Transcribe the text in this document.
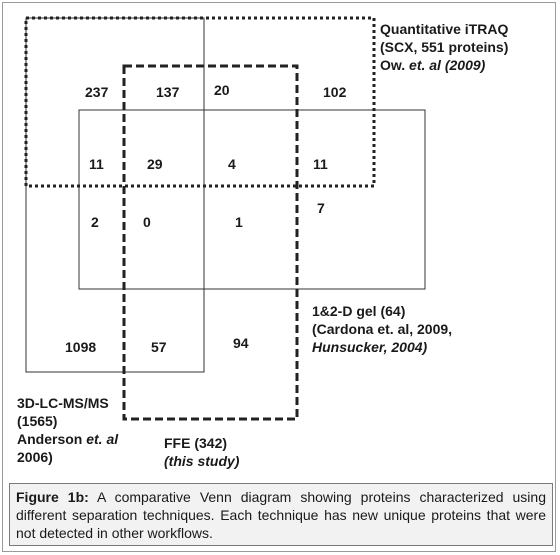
237	137 20	102
11	29	4	11
2	0	1
7
1098	57	94
Quantitative iTRAQ
(SCX, 551 proteins)
Ow. et. al (2009)
1&2-D gel (64)
(Cardona et. al, 2009,
Hunsucker, 2004)
3D-LC-MS/MS
(1565)
Anderson et. al
2006)
FFE (342)
(this study)
Figure 1b: A comparative Venn diagram showing proteins characterized using different separation techniques. Each technique has new unique proteins that were not detected in other workflows.
